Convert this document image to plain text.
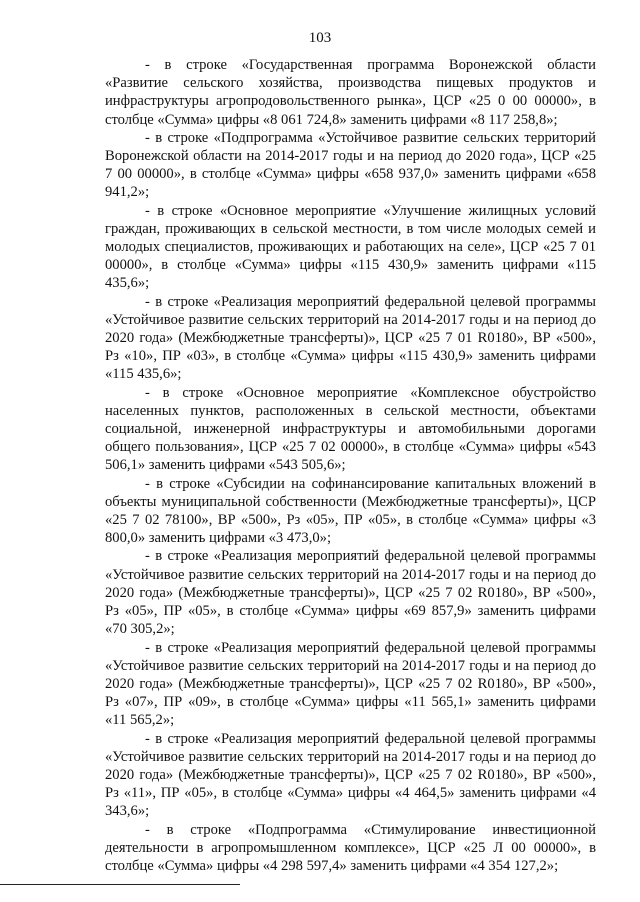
103

- в строке «Государственная программа Воронежской области «Развитие сельского хозяйства, производства пищевых продуктов и инфраструктуры агропродовольственного рынка», ЦСР «25 0 00 00000», в столбце «Сумма» цифры «8 061 724,8» заменить цифрами «8 117 258,8»;

- в строке «Подпрограмма «Устойчивое развитие сельских территорий Воронежской области на 2014-2017 годы и на период до 2020 года», ЦСР «25 7 00 00000», в столбце «Сумма» цифры «658 937,0» заменить цифрами «658 941,2»;

- в строке «Основное мероприятие «Улучшение жилищных условий граждан, проживающих в сельской местности, в том числе молодых семей и молодых специалистов, проживающих и работающих на селе», ЦСР «25 7 01 00000», в столбце «Сумма» цифры «115 430,9» заменить цифрами «115 435,6»;

- в строке «Реализация мероприятий федеральной целевой программы «Устойчивое развитие сельских территорий на 2014-2017 годы и на период до 2020 года» (Межбюджетные трансферты)», ЦСР «25 7 01 R0180», ВР «500», Рз «10», ПР «03», в столбце «Сумма» цифры «115 430,9» заменить цифрами «115 435,6»;

- в строке «Основное мероприятие «Комплексное обустройство населенных пунктов, расположенных в сельской местности, объектами социальной, инженерной инфраструктуры и автомобильными дорогами общего пользования», ЦСР «25 7 02 00000», в столбце «Сумма» цифры «543 506,1» заменить цифрами «543 505,6»;

- в строке «Субсидии на софинансирование капитальных вложений в объекты муниципальной собственности (Межбюджетные трансферты)», ЦСР «25 7 02 78100», ВР «500», Рз «05», ПР «05», в столбце «Сумма» цифры «3 800,0» заменить цифрами «3 473,0»;

- в строке «Реализация мероприятий федеральной целевой программы «Устойчивое развитие сельских территорий на 2014-2017 годы и на период до 2020 года» (Межбюджетные трансферты)», ЦСР «25 7 02 R0180», ВР «500», Рз «05», ПР «05», в столбце «Сумма» цифры «69 857,9» заменить цифрами «70 305,2»;

- в строке «Реализация мероприятий федеральной целевой программы «Устойчивое развитие сельских территорий на 2014-2017 годы и на период до 2020 года» (Межбюджетные трансферты)», ЦСР «25 7 02 R0180», ВР «500», Рз «07», ПР «09», в столбце «Сумма» цифры «11 565,1» заменить цифрами «11 565,2»;

- в строке «Реализация мероприятий федеральной целевой программы «Устойчивое развитие сельских территорий на 2014-2017 годы и на период до 2020 года» (Межбюджетные трансферты)», ЦСР «25 7 02 R0180», ВР «500», Рз «11», ПР «05», в столбце «Сумма» цифры «4 464,5» заменить цифрами «4 343,6»;

- в строке «Подпрограмма «Стимулирование инвестиционной деятельности в агропромышленном комплексе», ЦСР «25 Л 00 00000», в столбце «Сумма» цифры «4 298 597,4» заменить цифрами «4 354 127,2»;
